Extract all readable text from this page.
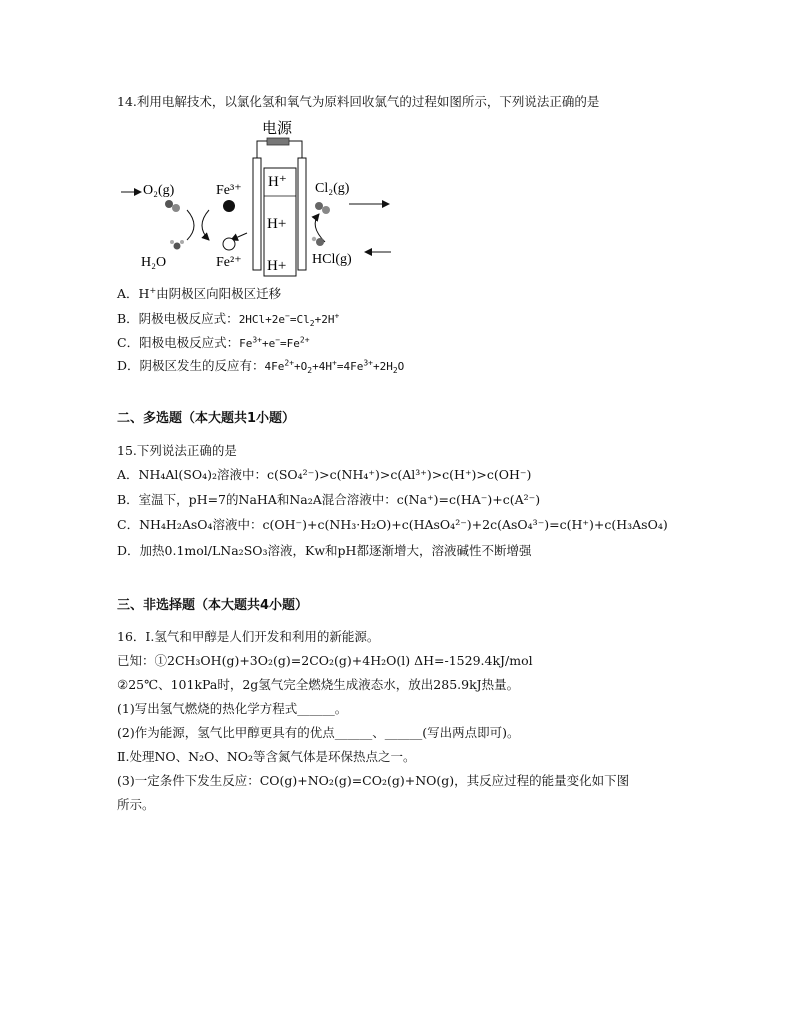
14.利用电解技术，以氯化氢和氧气为原料回收氯气的过程如图所示，下列说法正确的是
电源
H⁺
H+
H+
O₂(g)	Fe³⁺
Fe²⁺
H₂O
Cl₂(g)
HCl(g)
A．H+由阴极区向阳极区迁移
B．阴极电极反应式：$2HCl+2e^-=Cl_2+2H^+$
C．阳极电极反应式：$Fe^{3+}+e^-=Fe^{2+}$
D．阴极区发生的反应有：$4Fe^{2+}+O_2+4H^+=4Fe^{3+}+2H_2O$
二、多选题（本大题共1小题）
15.下列说法正确的是
A．NH₄Al(SO₄)₂溶液中：c(SO₄²⁻)>c(NH₄⁺)>c(Al³⁺)>c(H⁺)>c(OH⁻)
B．室温下，pH=7的NaHA和Na₂A混合溶液中：c(Na⁺)=c(HA⁻)+c(A²⁻)
C．NH₄H₂AsO₄溶液中：c(OH⁻)+c(NH₃·H₂O)+c(HAsO₄²⁻)+2c(AsO₄³⁻)=c(H⁺)+c(H₃AsO₄)
D．加热0.1mol/LNa₂SO₃溶液，Kw和pH都逐渐增大，溶液碱性不断增强
三、非选择题（本大题共4小题）
16．Ⅰ.氢气和甲醇是人们开发和利用的新能源。
已知：①2CH₃OH(g)+3O₂(g)=2CO₂(g)+4H₂O(l) ΔH=-1529.4kJ/mol
②25℃、101kPa时，2g氢气完全燃烧生成液态水，放出285.9kJ热量。
(1)写出氢气燃烧的热化学方程式______。
(2)作为能源，氢气比甲醇更具有的优点______、______(写出两点即可)。
Ⅱ.处理NO、N₂O、NO₂等含氮气体是环保热点之一。
(3)一定条件下发生反应：CO(g)+NO₂(g)=CO₂(g)+NO(g)，其反应过程的能量变化如下图
所示。
